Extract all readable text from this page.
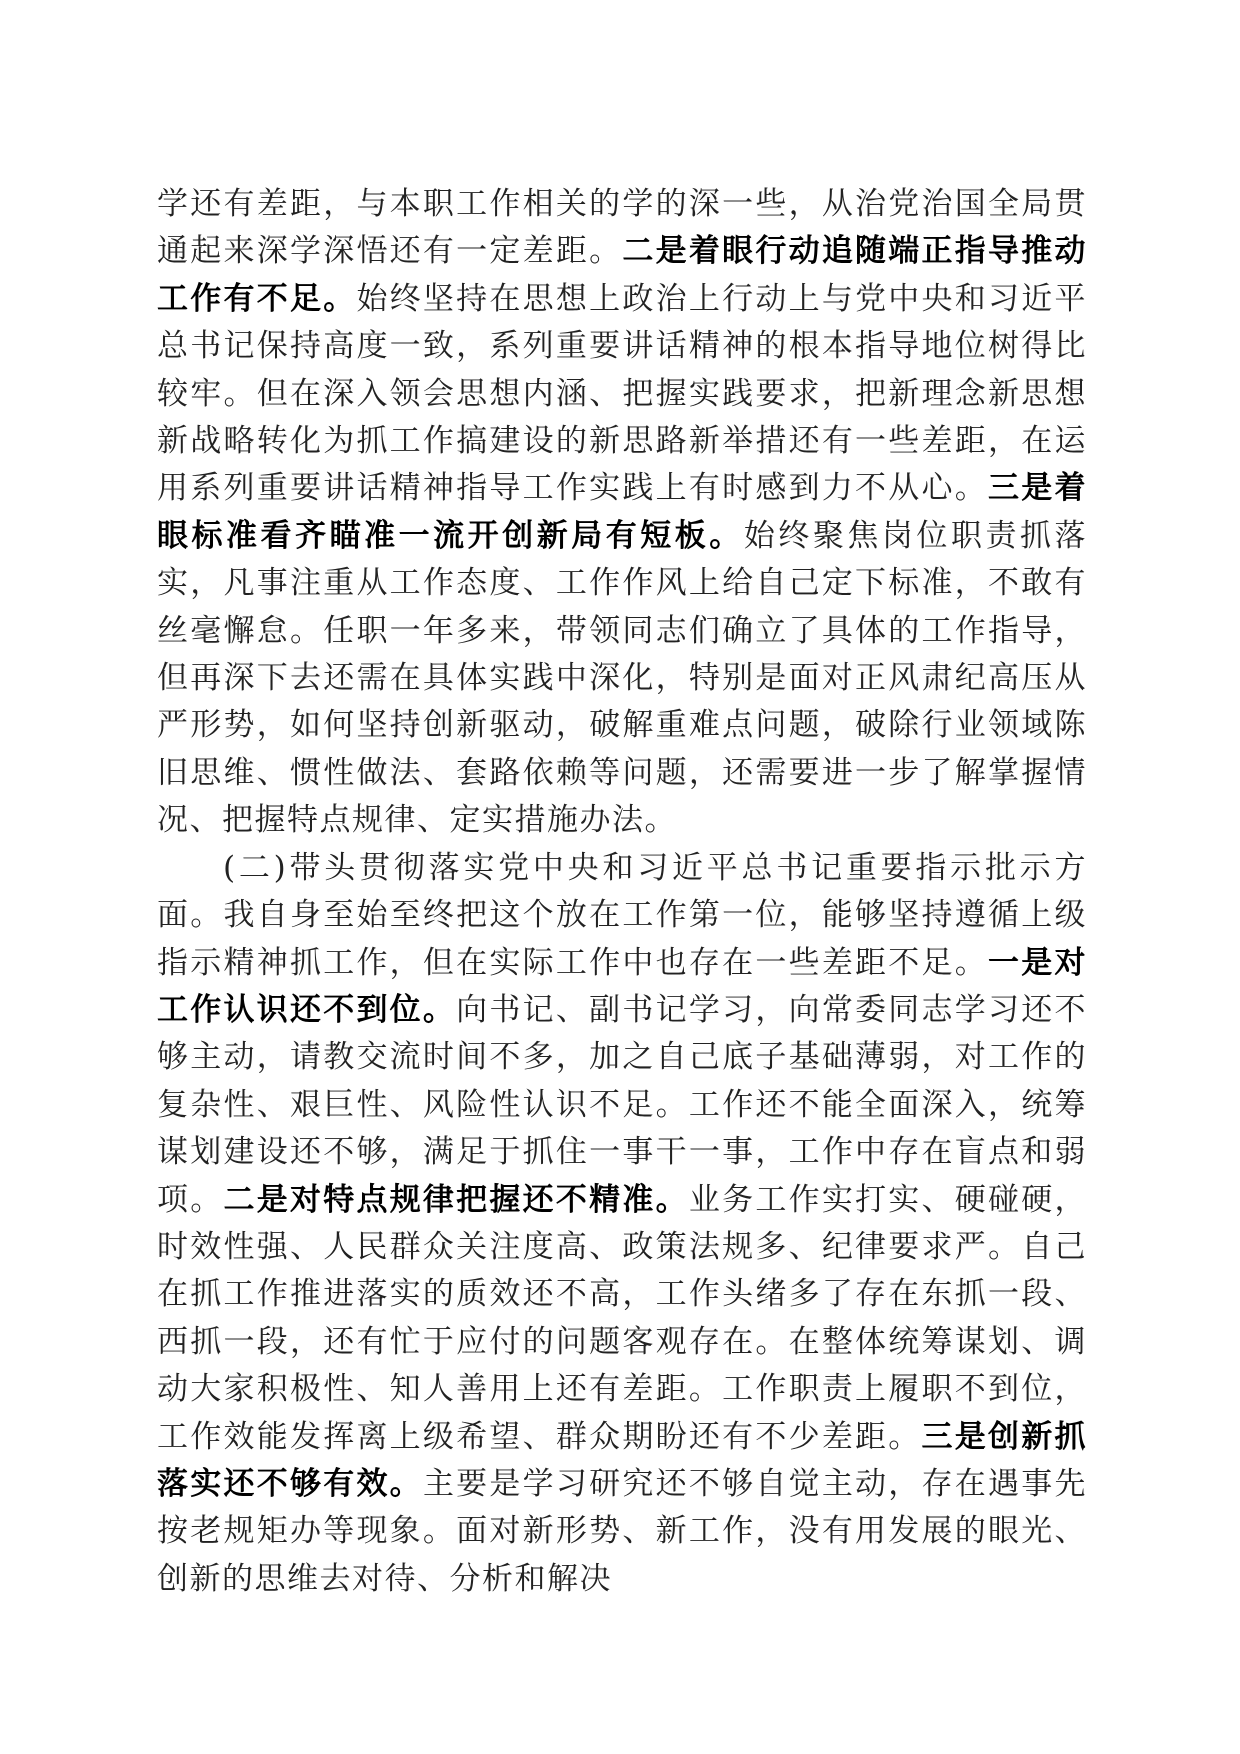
学还有差距，与本职工作相关的学的深一些，从治党治国全局贯通起来深学深悟还有一定差距。二是着眼行动追随端正指导推动工作有不足。始终坚持在思想上政治上行动上与党中央和习近平总书记保持高度一致，系列重要讲话精神的根本指导地位树得比较牢。但在深入领会思想内涵、把握实践要求，把新理念新思想新战略转化为抓工作搞建设的新思路新举措还有一些差距，在运用系列重要讲话精神指导工作实践上有时感到力不从心。三是着眼标准看齐瞄准一流开创新局有短板。始终聚焦岗位职责抓落实，凡事注重从工作态度、工作作风上给自己定下标准，不敢有丝毫懈怠。任职一年多来，带领同志们确立了具体的工作指导，但再深下去还需在具体实践中深化，特别是面对正风肃纪高压从严形势，如何坚持创新驱动，破解重难点问题，破除行业领域陈旧思维、惯性做法、套路依赖等问题，还需要进一步了解掌握情况、把握特点规律、定实措施办法。

(二)带头贯彻落实党中央和习近平总书记重要指示批示方面。我自身至始至终把这个放在工作第一位，能够坚持遵循上级指示精神抓工作，但在实际工作中也存在一些差距不足。一是对工作认识还不到位。向书记、副书记学习，向常委同志学习还不够主动，请教交流时间不多，加之自己底子基础薄弱，对工作的复杂性、艰巨性、风险性认识不足。工作还不能全面深入，统筹谋划建设还不够，满足于抓住一事干一事，工作中存在盲点和弱项。二是对特点规律把握还不精准。业务工作实打实、硬碰硬，时效性强、人民群众关注度高、政策法规多、纪律要求严。自己在抓工作推进落实的质效还不高，工作头绪多了存在东抓一段、西抓一段，还有忙于应付的问题客观存在。在整体统筹谋划、调动大家积极性、知人善用上还有差距。工作职责上履职不到位，工作效能发挥离上级希望、群众期盼还有不少差距。三是创新抓落实还不够有效。主要是学习研究还不够自觉主动，存在遇事先按老规矩办等现象。面对新形势、新工作，没有用发展的眼光、创新的思维去对待、分析和解决
